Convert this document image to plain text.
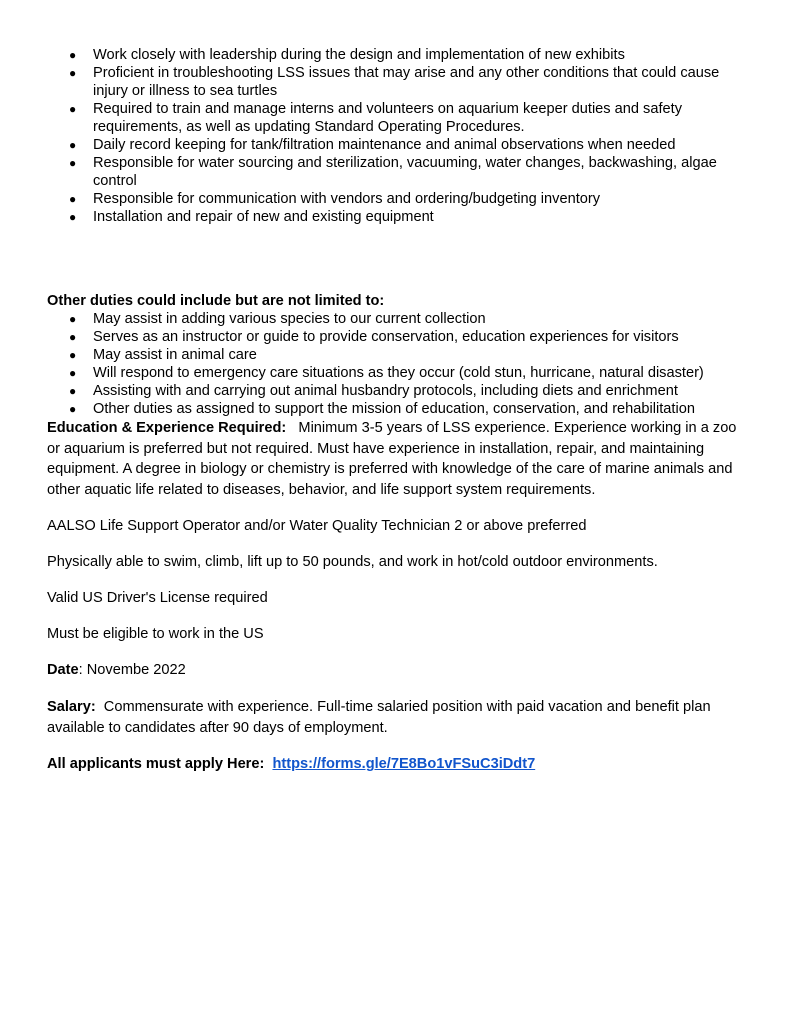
● Work closely with leadership during the design and implementation of new exhibits
● Proficient in troubleshooting LSS issues that may arise and any other conditions that could cause injury or illness to sea turtles
● Required to train and manage interns and volunteers on aquarium keeper duties and safety requirements, as well as updating Standard Operating Procedures.
● Daily record keeping for tank/filtration maintenance and animal observations when needed
● Responsible for water sourcing and sterilization, vacuuming, water changes, backwashing, algae control
● Responsible for communication with vendors and ordering/budgeting inventory
● Installation and repair of new and existing equipment
Other duties could include but are not limited to:
● May assist in adding various species to our current collection
● Serves as an instructor or guide to provide conservation, education experiences for visitors
● May assist in animal care
● Will respond to emergency care situations as they occur (cold stun, hurricane, natural disaster)
● Assisting with and carrying out animal husbandry protocols, including diets and enrichment
● Other duties as assigned to support the mission of education, conservation, and rehabilitation

Education & Experience Required: Minimum 3-5 years of LSS experience. Experience working in a zoo or aquarium is preferred but not required. Must have experience in installation, repair, and maintaining equipment. A degree in biology or chemistry is preferred with knowledge of the care of marine animals and other aquatic life related to diseases, behavior, and life support system requirements.

AALSO Life Support Operator and/or Water Quality Technician 2 or above preferred

Physically able to swim, climb, lift up to 50 pounds, and work in hot/cold outdoor environments.

Valid US Driver's License required

Must be eligible to work in the US

Date: Novembe 2022

Salary: Commensurate with experience. Full-time salaried position with paid vacation and benefit plan available to candidates after 90 days of employment.

All applicants must apply Here: https://forms.gle/7E8Bo1vFSuC3iDdt7
